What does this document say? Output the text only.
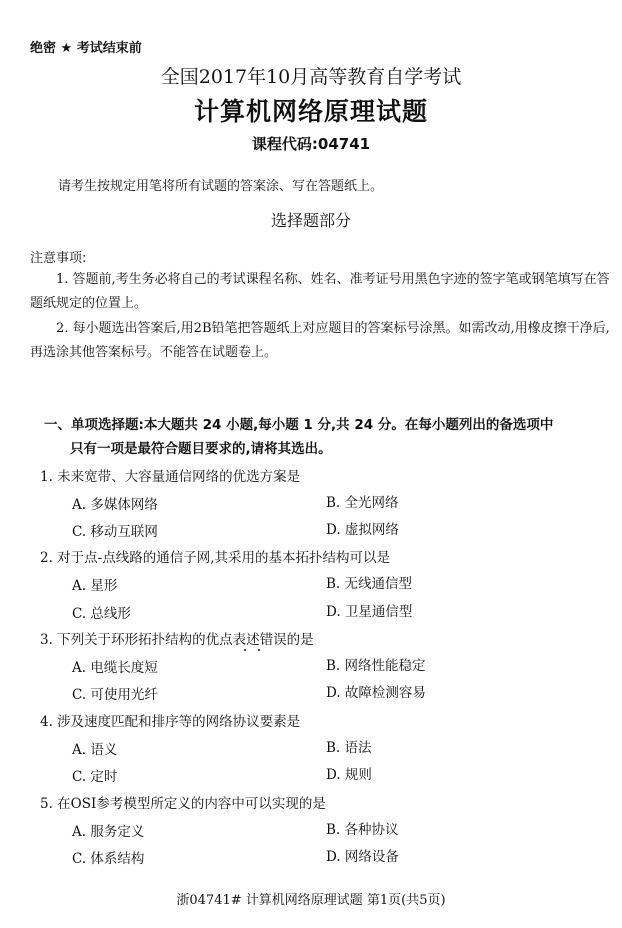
绝密 ★ 考试结束前
全国2017年10月高等教育自学考试
计算机网络原理试题
课程代码:04741
请考生按规定用笔将所有试题的答案涂、写在答题纸上。
选择题部分
注意事项:
1. 答题前,考生务必将自己的考试课程名称、姓名、准考证号用黑色字迹的签字笔或钢笔填写在答题纸规定的位置上。
2. 每小题选出答案后,用2B铅笔把答题纸上对应题目的答案标号涂黑。如需改动,用橡皮擦干净后,再选涂其他答案标号。不能答在试题卷上。
一、单项选择题:本大题共 24 小题,每小题 1 分,共 24 分。在每小题列出的备选项中
只有一项是最符合题目要求的,请将其选出。
1. 未来宽带、大容量通信网络的优选方案是
A. 多媒体网络	B. 全光网络
C. 移动互联网	D. 虚拟网络
2. 对于点-点线路的通信子网,其采用的基本拓扑结构可以是
A. 星形	B. 无线通信型
C. 总线形	D. 卫星通信型
3. 下列关于环形拓扑结构的优点表述错误的是
A. 电缆长度短	B. 网络性能稳定
C. 可使用光纤	D. 故障检测容易
4. 涉及速度匹配和排序等的网络协议要素是
A. 语义	B. 语法
C. 定时	D. 规则
5. 在OSI参考模型所定义的内容中可以实现的是
A. 服务定义	B. 各种协议
C. 体系结构	D. 网络设备
浙04741# 计算机网络原理试题 第1页(共5页)
